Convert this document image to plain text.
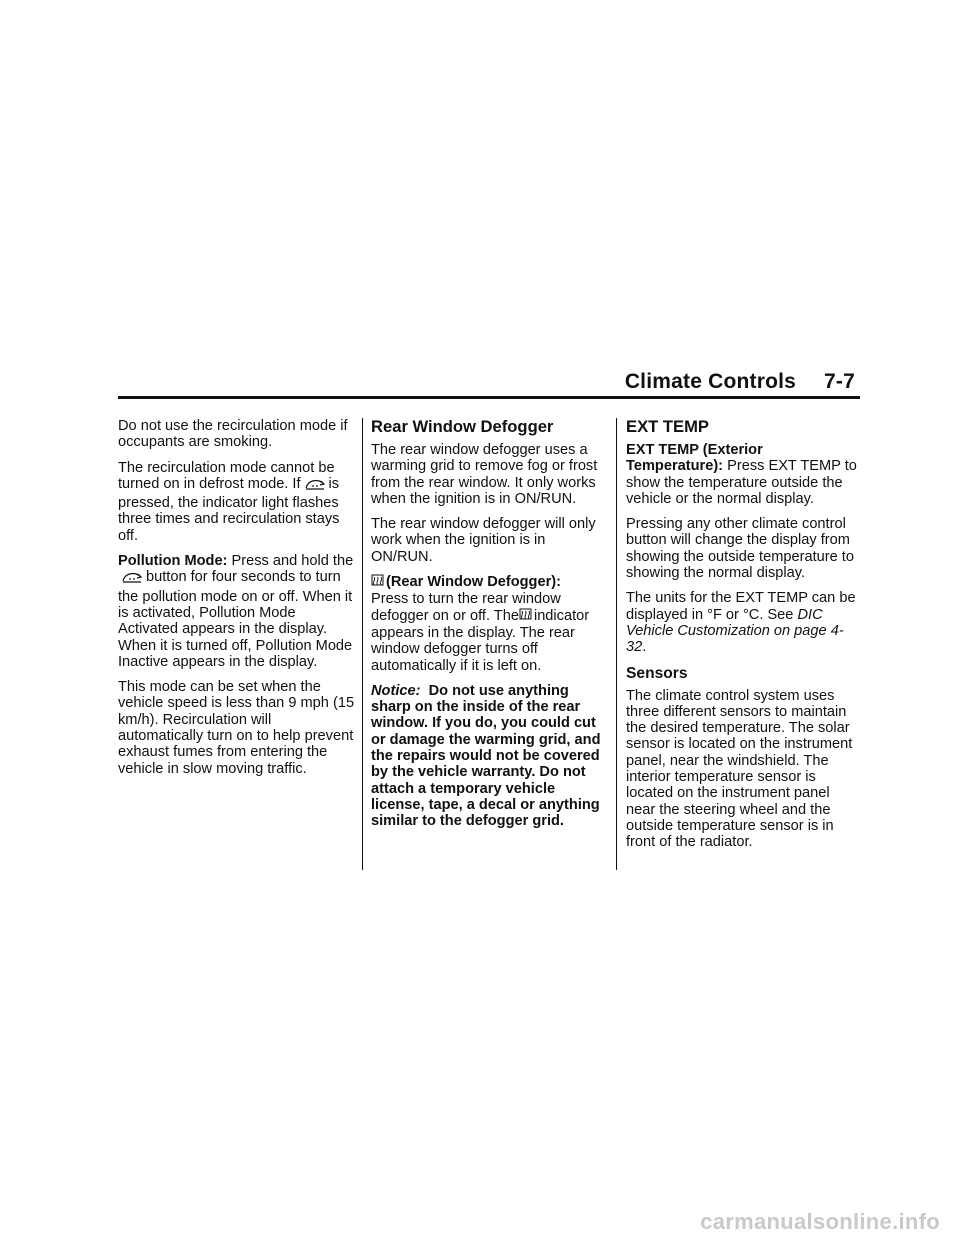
Climate Controls 7-7

Do not use the recirculation mode if occupants are smoking.

The recirculation mode cannot be turned on in defrost mode. If is pressed, the indicator light flashes three times and recirculation stays off.

Pollution Mode: Press and hold thebutton for four seconds to turn the pollution mode on or off. When it is activated, Pollution Mode Activated appears in the display. When it is turned off, Pollution Mode Inactive appears in the display.

This mode can be set when the vehicle speed is less than 9 mph (15 km/h). Recirculation will automatically turn on to help prevent exhaust fumes from entering the vehicle in slow moving traffic.

Rear Window Defogger

The rear window defogger uses a warming grid to remove fog or frost from the rear window. It only works when the ignition is in ON/RUN.

The rear window defogger will only work when the ignition is in ON/RUN.

(Rear Window Defogger):
Press to turn the rear window defogger on or off. The indicator appears in the display. The rear window defogger turns off automatically if it is left on.

Notice: Do not use anything sharp on the inside of the rear window. If you do, you could cut or damage the warming grid, and the repairs would not be covered by the vehicle warranty. Do not attach a temporary vehicle license, tape, a decal or anything similar to the defogger grid.

EXT TEMP

EXT TEMP (Exterior Temperature): Press EXT TEMP to show the temperature outside the vehicle or the normal display.

Pressing any other climate control button will change the display from showing the outside temperature to showing the normal display.

The units for the EXT TEMP can be displayed in °F or °C. See DIC Vehicle Customization on page 4-32.

Sensors

The climate control system uses three different sensors to maintain the desired temperature. The solar sensor is located on the instrument panel, near the windshield. The interior temperature sensor is located on the instrument panel near the steering wheel and the outside temperature sensor is in front of the radiator.

carmanualsonline.info
